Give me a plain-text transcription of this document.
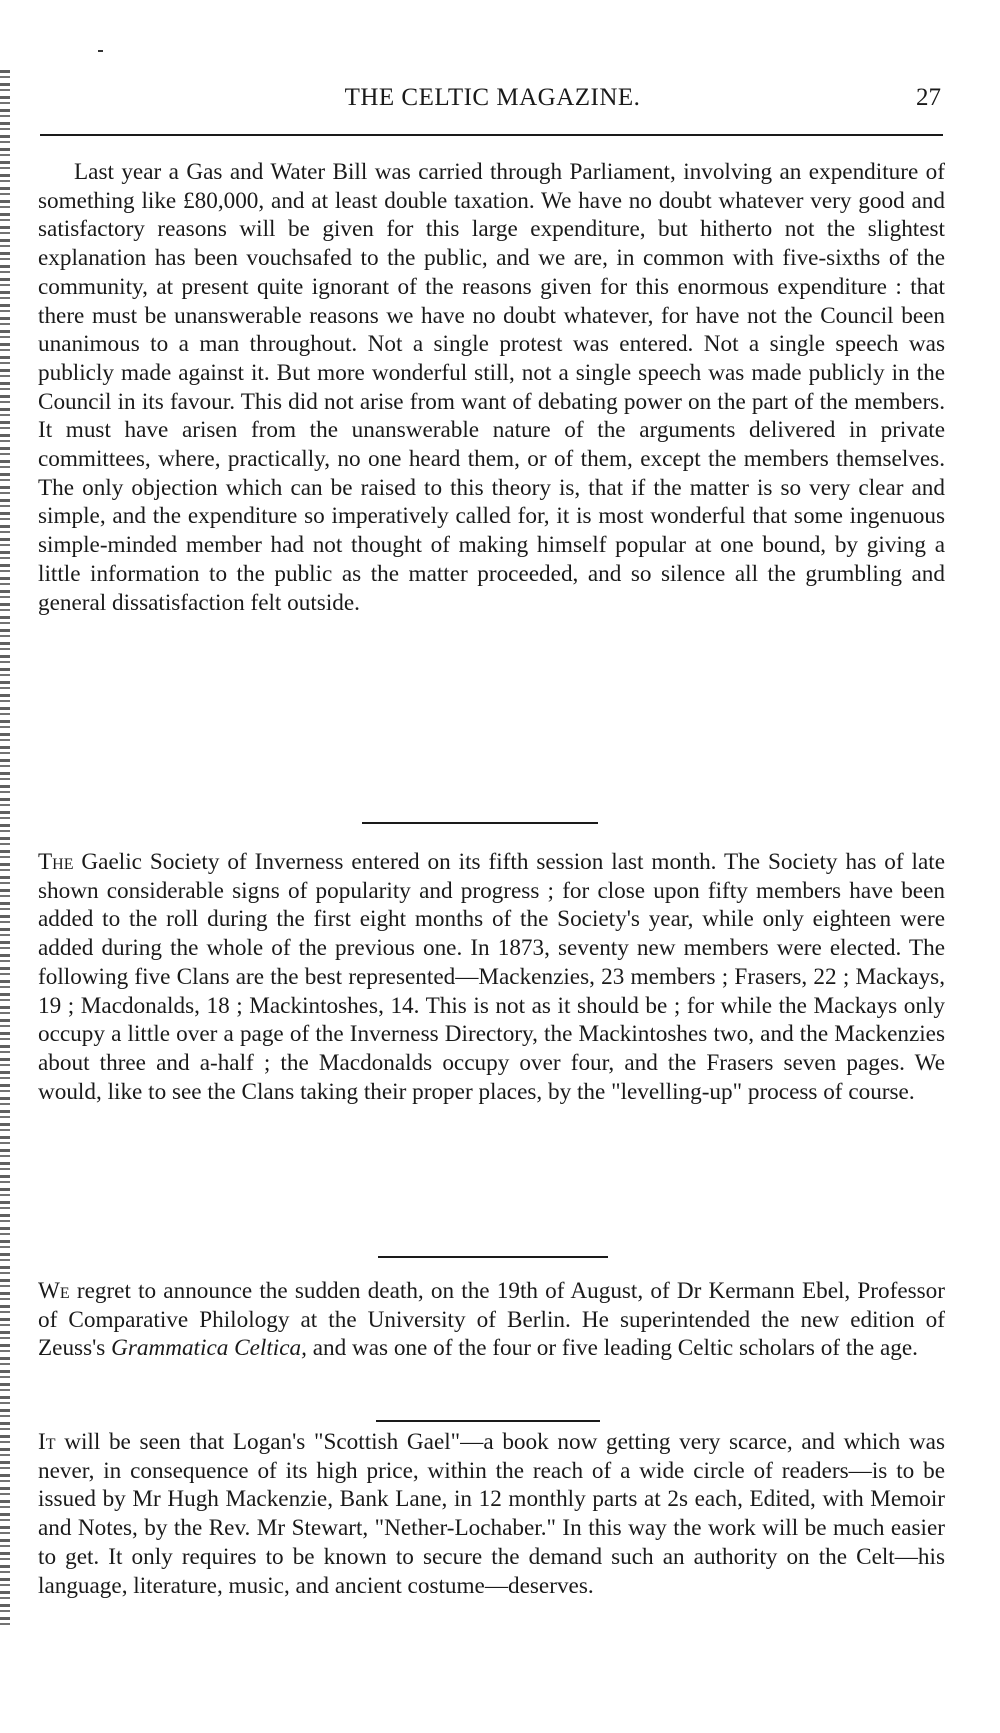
THE CELTIC MAGAZINE.	27

Last year a Gas and Water Bill was carried through Parliament, involving an expenditure of something like £80,000, and at least double taxation. We have no doubt whatever very good and satisfactory reasons will be given for this large expenditure, but hitherto not the slightest explanation has been vouchsafed to the public, and we are, in common with five-sixths of the community, at present quite ignorant of the reasons given for this enormous expenditure : that there must be unanswerable reasons we have no doubt whatever, for have not the Council been unanimous to a man throughout. Not a single protest was entered. Not a single speech was publicly made against it. But more wonderful still, not a single speech was made publicly in the Council in its favour. This did not arise from want of debating power on the part of the members. It must have arisen from the unanswerable nature of the arguments delivered in private committees, where, practically, no one heard them, or of them, except the members themselves. The only objection which can be raised to this theory is, that if the matter is so very clear and simple, and the expenditure so imperatively called for, it is most wonderful that some ingenuous simple-minded member had not thought of making himself popular at one bound, by giving a little information to the public as the matter proceeded, and so silence all the grumbling and general dissatisfaction felt outside.

The Gaelic Society of Inverness entered on its fifth session last month. The Society has of late shown considerable signs of popularity and progress ; for close upon fifty members have been added to the roll during the first eight months of the Society's year, while only eighteen were added during the whole of the previous one. In 1873, seventy new members were elected. The following five Clans are the best represented—Mackenzies, 23 members ; Frasers, 22 ; Mackays, 19 ; Macdonalds, 18 ; Mackintoshes, 14. This is not as it should be ; for while the Mackays only occupy a little over a page of the Inverness Directory, the Mackintoshes two, and the Mackenzies about three and a-half ; the Macdonalds occupy over four, and the Frasers seven pages. We would, like to see the Clans taking their proper places, by the "levelling-up" process of course.

We regret to announce the sudden death, on the 19th of August, of Dr Kermann Ebel, Professor of Comparative Philology at the University of Berlin. He superintended the new edition of Zeuss's Grammatica Celtica, and was one of the four or five leading Celtic scholars of the age.

It will be seen that Logan's "Scottish Gael"—a book now getting very scarce, and which was never, in consequence of its high price, within the reach of a wide circle of readers—is to be issued by Mr Hugh Mackenzie, Bank Lane, in 12 monthly parts at 2s each, Edited, with Memoir and Notes, by the Rev. Mr Stewart, "Nether-Lochaber." In this way the work will be much easier to get. It only requires to be known to secure the demand such an authority on the Celt—his language, literature, music, and ancient costume—deserves.
